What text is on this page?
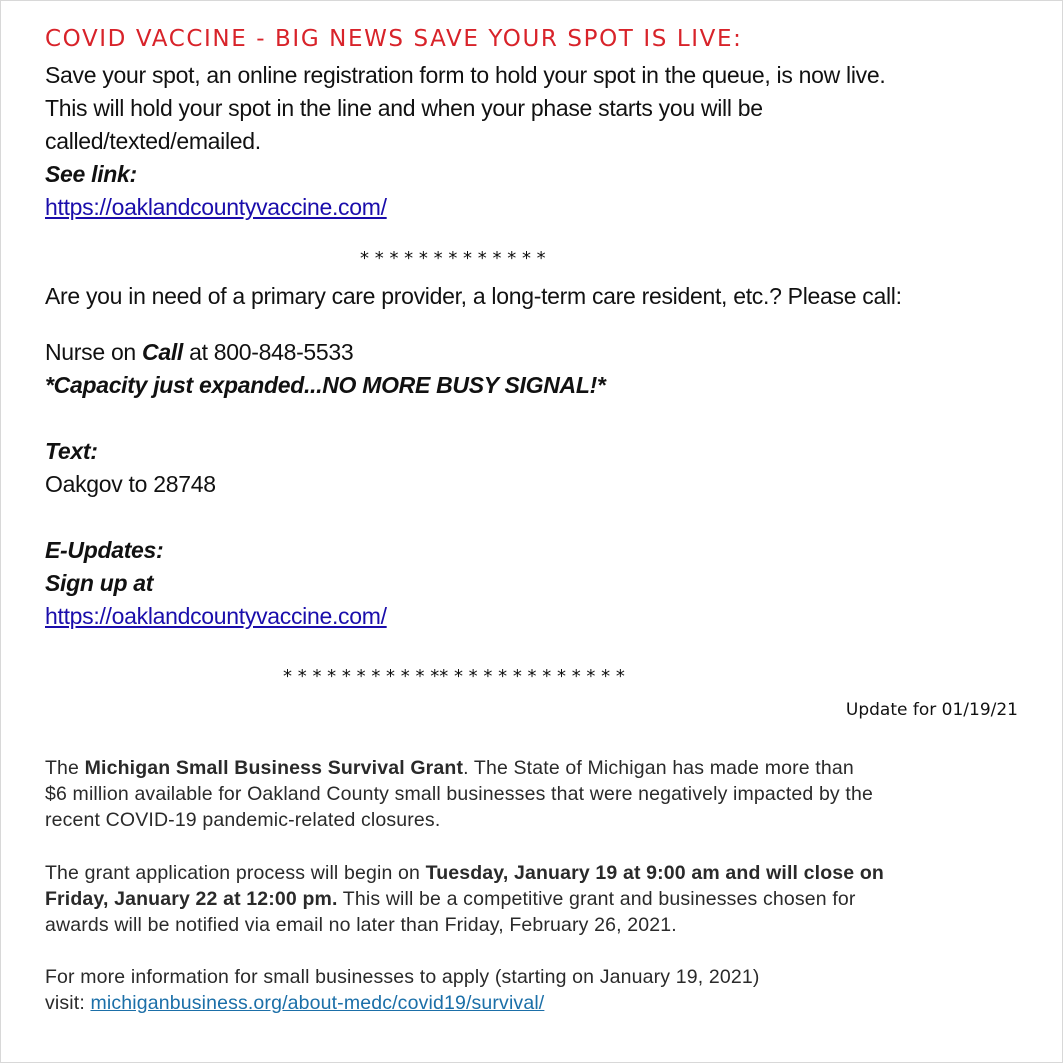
COVID VACCINE - BIG NEWS SAVE YOUR SPOT IS LIVE:
Save your spot, an online registration form to hold your spot in the queue, is now live.
This will hold your spot in the line and when your phase starts you will be
called/texted/emailed.
See link:
https://oaklandcountyvaccine.com/
* * * * * * * * * * * * *
Are you in need of a primary care provider, a long-term care resident, etc.? Please call:
Nurse on Call at 800-848-5533
*Capacity just expanded...NO MORE BUSY SIGNAL!*
Text:
Oakgov to 28748
E-Updates:
Sign up at
https://oaklandcountyvaccine.com/
* * * * * * * * * * ** * * * * * * * * * * * *
Update for 01/19/21
The Michigan Small Business Survival Grant. The State of Michigan has made more than
$6 million available for Oakland County small businesses that were negatively impacted by the
recent COVID-19 pandemic-related closures.
The grant application process will begin on Tuesday, January 19 at 9:00 am and will close on
Friday, January 22 at 12:00 pm. This will be a competitive grant and businesses chosen for
awards will be notified via email no later than Friday, February 26, 2021.
For more information for small businesses to apply (starting on January 19, 2021)
visit: michiganbusiness.org/about-medc/covid19/survival/
